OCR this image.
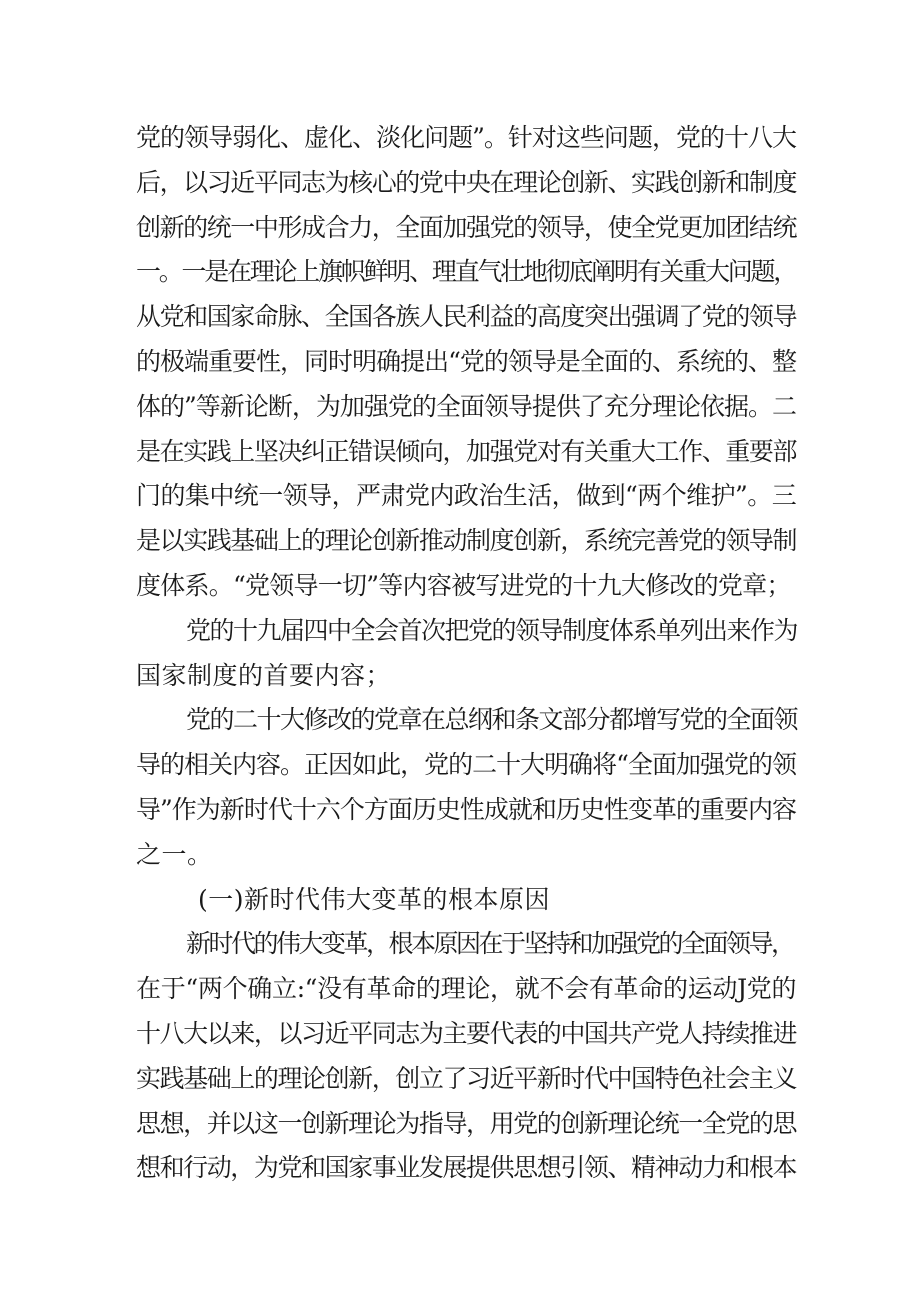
党的领导弱化、虚化、淡化问题”。针对这些问题，党的十八大
后，以习近平同志为核心的党中央在理论创新、实践创新和制度
创新的统一中形成合力，全面加强党的领导，使全党更加团结统
一。一是在理论上旗帜鲜明、理直气壮地彻底阐明有关重大问题，
从党和国家命脉、全国各族人民利益的高度突出强调了党的领导
的极端重要性，同时明确提出“党的领导是全面的、系统的、整
体的”等新论断，为加强党的全面领导提供了充分理论依据。二
是在实践上坚决纠正错误倾向，加强党对有关重大工作、重要部
门的集中统一领导，严肃党内政治生活，做到“两个维护”。三
是以实践基础上的理论创新推动制度创新，系统完善党的领导制
度体系。“党领导一切”等内容被写进党的十九大修改的党章；
党的十九届四中全会首次把党的领导制度体系单列出来作为
国家制度的首要内容；
党的二十大修改的党章在总纲和条文部分都增写党的全面领
导的相关内容。正因如此，党的二十大明确将“全面加强党的领
导”作为新时代十六个方面历史性成就和历史性变革的重要内容
之一。
(一)新时代伟大变革的根本原因
新时代的伟大变革，根本原因在于坚持和加强党的全面领导，
在于“两个确立:“没有革命的理论，就不会有革命的运动J党的
十八大以来，以习近平同志为主要代表的中国共产党人持续推进
实践基础上的理论创新，创立了习近平新时代中国特色社会主义
思想，并以这一创新理论为指导，用党的创新理论统一全党的思
想和行动，为党和国家事业发展提供思想引领、精神动力和根本
